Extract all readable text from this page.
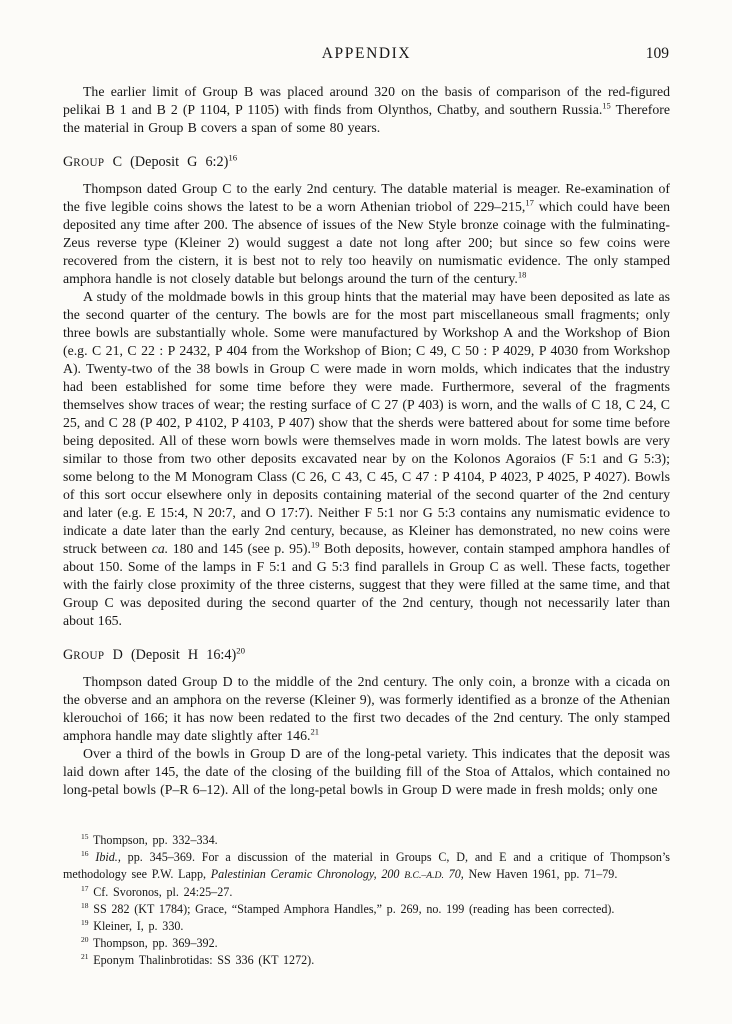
APPENDIX	109

The earlier limit of Group B was placed around 320 on the basis of comparison of the red-figured pelikai B 1 and B 2 (P 1104, P 1105) with finds from Olynthos, Chatby, and southern Russia.$^{15}$ Therefore the material in Group B covers a span of some 80 years.

GROUP C (Deposit G 6:2)$^{16}$

Thompson dated Group C to the early 2nd century. The datable material is meager. Re-examination of the five legible coins shows the latest to be a worn Athenian triobol of 229–215,17 which could have been deposited any time after 200. The absence of issues of the New Style bronze coinage with the fulminating-Zeus reverse type (Kleiner 2) would suggest a date not long after 200; but since so few coins were recovered from the cistern, it is best not to rely too heavily on numismatic evidence. The only stamped amphora handle is not closely datable but belongs around the turn of the century.$^{18}$

A study of the moldmade bowls in this group hints that the material may have been deposited as late as the second quarter of the century. The bowls are for the most part miscellaneous small fragments; only three bowls are substantially whole. Some were manufactured by Workshop A and the Workshop of Bion (e.g. C 21, C 22 : P 2432, P 404 from the Workshop of Bion; C 49, C 50 : P 4029, P 4030 from Workshop A). Twenty-two of the 38 bowls in Group C were made in worn molds, which indicates that the industry had been established for some time before they were made. Furthermore, several of the fragments themselves show traces of wear; the resting surface of C 27 (P 403) is worn, and the walls of C 18, C 24, C 25, and C 28 (P 402, P 4102, P 4103, P 407) show that the sherds were battered about for some time before being deposited. All of these worn bowls were themselves made in worn molds. The latest bowls are very similar to those from two other deposits excavated near by on the Kolonos Agoraios (F 5:1 and G 5:3); some belong to the M Monogram Class (C 26, C 43, C 45, C 47 : P 4104, P 4023, P 4025, P 4027). Bowls of this sort occur elsewhere only in deposits containing material of the second quarter of the 2nd century and later (e.g. E 15:4, N 20:7, and O 17:7). Neither F 5:1 nor G 5:3 contains any numismatic evidence to indicate a date later than the early 2nd century, because, as Kleiner has demonstrated, no new coins were struck between ca. 180 and 145 (see p. 95).$^{19}$ Both deposits, however, contain stamped amphora handles of about 150. Some of the lamps in F 5:1 and G 5:3 find parallels in Group C as well. These facts, together with the fairly close proximity of the three cisterns, suggest that they were filled at the same time, and that Group C was deposited during the second quarter of the 2nd century, though not necessarily later than about 165.

GROUP D (Deposit H 16:4)$^{20}$

Thompson dated Group D to the middle of the 2nd century. The only coin, a bronze with a cicada on the obverse and an amphora on the reverse (Kleiner 9), was formerly identified as a bronze of the Athenian klerouchoi of 166; it has now been redated to the first two decades of the 2nd century. The only stamped amphora handle may date slightly after 146.21

Over a third of the bowls in Group D are of the long-petal variety. This indicates that the deposit was laid down after 145, the date of the closing of the building fill of the Stoa of Attalos, which contained no long-petal bowls (P–R 6–12). All of the long-petal bowls in Group D were made in fresh molds; only one

$^{15}$ Thompson, pp. 332–334.

$^{16}$ Ibid., pp. 345–369. For a discussion of the material in Groups C, D, and E and a critique of Thompson’s methodology see P.W. Lapp, Palestinian Ceramic Chronology, 200 B.C.–A.D. 70, New Haven 1961, pp. 71–79.

$^{17}$ Cf. Svoronos, pl. 24:25–27.

$^{18}$ SS 282 (KT 1784); Grace, “Stamped Amphora Handles,” p. 269, no. 199 (reading has been corrected).

$^{19}$ Kleiner, I, p. 330.

$^{20}$ Thompson, pp. 369–392.

$^{21}$ Eponym Thalinbrotidas: SS 336 (KT 1272).
